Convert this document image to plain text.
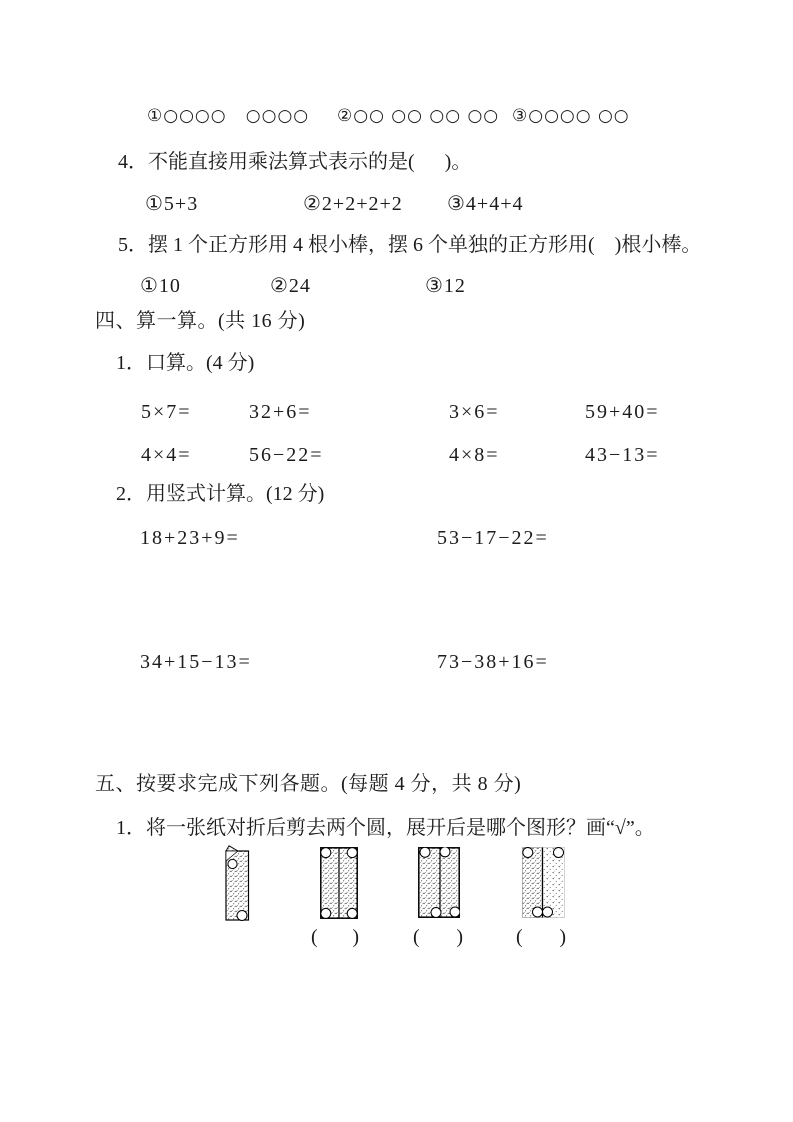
①○○○○   ○○○○ ②○○ ○○ ○○ ○○ ③○○○○ ○○
4．不能直接用乘法算式表示的是(      )。
①5+3	②2+2+2+2 ③4+4+4
5．摆 1 个正方形用 4 根小棒，摆 6 个单独的正方形用(    )根小棒。
①10	②24	③12
四、算一算。(共 16 分)
1．口算。(4 分)
5×7=	32+6=	3×6=	59+40=
4×4=	56−22=	4×8=	43−13=
2．用竖式计算。(12 分)
18+23+9=	53−17−22=
34+15−13=	73−38+16=
五、按要求完成下列各题。(每题 4 分，共 8 分)
1．将一张纸对折后剪去两个圆，展开后是哪个图形？画“√”。
( )	( )	( )
